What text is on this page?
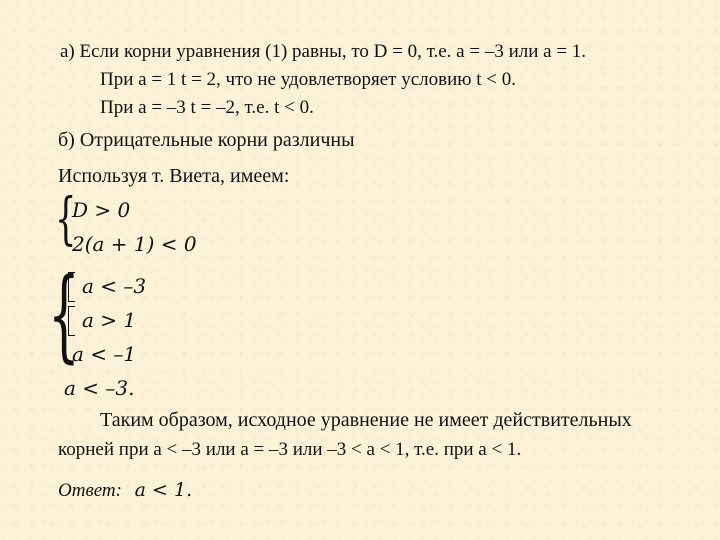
а) Если корни уравнения (1) равны, то D = 0, т.е. а = –3 или а = 1.
При а = 1 t = 2, что не удовлетворяет условию t < 0.
При а = –3 t = –2, т.е. t < 0.
б) Отрицательные корни различны
Используя т. Виета, имеем:
{
D > 0
2(а + 1) < 0
{ а < –3
а > 1
а < –1
а < –3.
Таким образом, исходное уравнение не имеет действительных
корней при а < –3 или а = –3 или –3 < а < 1, т.е. при а < 1.
Ответ: а < 1.
